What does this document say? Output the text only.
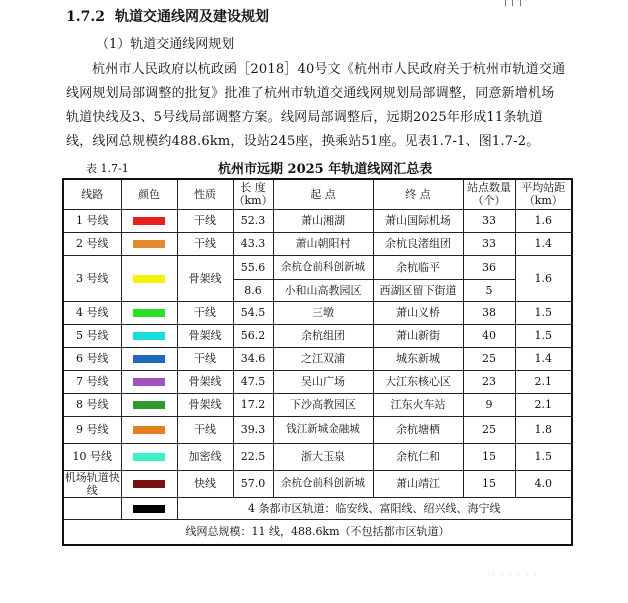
1.7.2 轨道交通线网及建设规划
（1）轨道交通线网规划
杭州市人民政府以杭政函［2018］40号文《杭州市人民政府关于杭州市轨道交通线网规划局部调整的批复》批准了杭州市轨道交通线网规划局部调整，同意新增机场轨道快线及3、5号线局部调整方案。线网局部调整后，远期2025年形成11条轨道线，线网总规模约488.6km，设站245座，换乘站51座。见表1.7-1、图1.7-2。
表 1.7-1	杭州市远期 2025 年轨道线网汇总表
线路	颜色	性质	长 度（km）	起 点	终 点	站点数量（个）	平均站距（km）
1 号线		干线	52.3	萧山湘湖	萧山国际机场	33	1.6
2 号线		干线	43.3	萧山朝阳村	余杭良渚组团	33	1.4
3 号线		骨架线	55.6	余杭仓前科创新城	余杭临平	36	1.6
			8.6	小和山高教园区	西湖区留下街道	5	
4 号线		干线	54.5	三墩	萧山义桥	38	1.5
5 号线		骨架线	56.2	余杭组团	萧山新街	40	1.5
6 号线		干线	34.6	之江双浦	城东新城	25	1.4
7 号线		骨架线	47.5	吴山广场	大江东核心区	23	2.1
8 号线		骨架线	17.2	下沙高教园区	江东火车站	9	2.1
9 号线		干线	39.3	钱江新城金融城	余杭塘栖	25	1.8
10 号线		加密线	22.5	浙大玉泉	余杭仁和	15	1.5
机场轨道快线		快线	57.0	余杭仓前科创新城	萧山靖江	15	4.0
		4 条都市区轨道：临安线、富阳线、绍兴线、海宁线					
线网总规模：11 线，488.6km（不包括都市区轨道）							
· · · · · ·
